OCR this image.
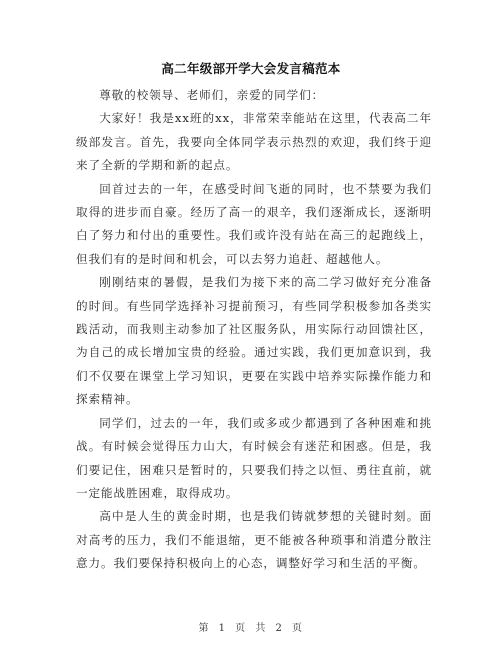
高二年级部开学大会发言稿范本

尊敬的校领导、老师们，亲爱的同学们：

大家好！我是xx班的xx，非常荣幸能站在这里，代表高二年级部发言。首先，我要向全体同学表示热烈的欢迎，我们终于迎来了全新的学期和新的起点。

回首过去的一年，在感受时间飞逝的同时，也不禁要为我们取得的进步而自豪。经历了高一的艰辛，我们逐渐成长，逐渐明白了努力和付出的重要性。我们或许没有站在高三的起跑线上，但我们有的是时间和机会，可以去努力追赶、超越他人。

刚刚结束的暑假，是我们为接下来的高二学习做好充分准备的时间。有些同学选择补习提前预习，有些同学积极参加各类实践活动，而我则主动参加了社区服务队，用实际行动回馈社区，为自己的成长增加宝贵的经验。通过实践，我们更加意识到，我们不仅要在课堂上学习知识，更要在实践中培养实际操作能力和探索精神。

同学们，过去的一年，我们或多或少都遇到了各种困难和挑战。有时候会觉得压力山大，有时候会有迷茫和困惑。但是，我们要记住，困难只是暂时的，只要我们持之以恒、勇往直前，就一定能战胜困难，取得成功。

高中是人生的黄金时期，也是我们铸就梦想的关键时刻。面对高考的压力，我们不能退缩，更不能被各种琐事和消遣分散注意力。我们要保持积极向上的心态，调整好学习和生活的平衡。

第 1 页 共 2 页
